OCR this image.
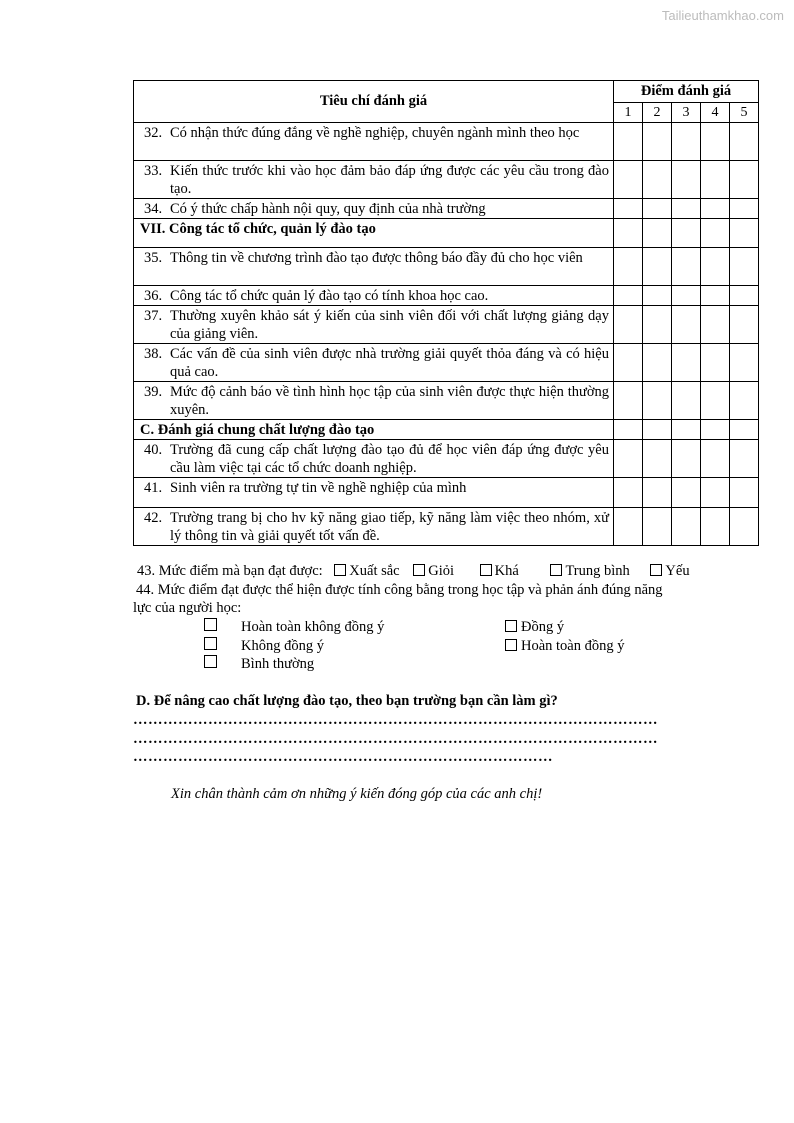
Tailieuthamkhao.com
Tiêu chí đánh giá	Điểm đánh giá				
	1	2	3	4	5
32. Có nhận thức đúng đắng về nghề nghiệp, chuyên ngành mình theo học					
33. Kiến thức trước khi vào học đảm bảo đáp ứng được các yêu cầu trong đào tạo.					
34. Có ý thức chấp hành nội quy, quy định của nhà trường					
VII. Công tác tổ chức, quản lý đào tạo					
35. Thông tin về chương trình đào tạo được thông báo đầy đủ cho học viên					
36. Công tác tổ chức quản lý đào tạo có tính khoa học cao.					
37. Thường xuyên khảo sát ý kiến của sinh viên đối với chất lượng giảng dạy của giảng viên.					
38. Các vấn đề của sinh viên được nhà trường giải quyết thỏa đáng và có hiệu quả cao.					
39. Mức độ cảnh báo về tình hình học tập của sinh viên được thực hiện thường xuyên.					
C. Đánh giá chung chất lượng đào tạo					
40. Trường đã cung cấp chất lượng đào tạo đủ để học viên đáp ứng được yêu cầu làm việc tại các tổ chức doanh nghiệp.					
41. Sinh viên ra trường tự tin về nghề nghiệp của mình					
42. Trường trang bị cho hv kỹ năng giao tiếp, kỹ năng làm việc theo nhóm, xử lý thông tin và giải quyết tốt vấn đề.					
43. Mức điểm mà bạn đạt được: Xuất sắc Giỏi	Khá	Trung bình Yếu
44. Mức điểm đạt được thể hiện được tính công bằng trong học tập và phản ánh đúng năng
lực của người học:
Hoàn toàn không đồng ý	Đồng ý
Không đồng ý	Hoàn toàn đồng ý
Bình thường
D. Để nâng cao chất lượng đào tạo, theo bạn trường bạn cần làm gì?
……………………………………………………………………………………………
……………………………………………………………………………………………
…………………………………………………………………………
Xin chân thành cảm ơn những ý kiến đóng góp của các anh chị!
